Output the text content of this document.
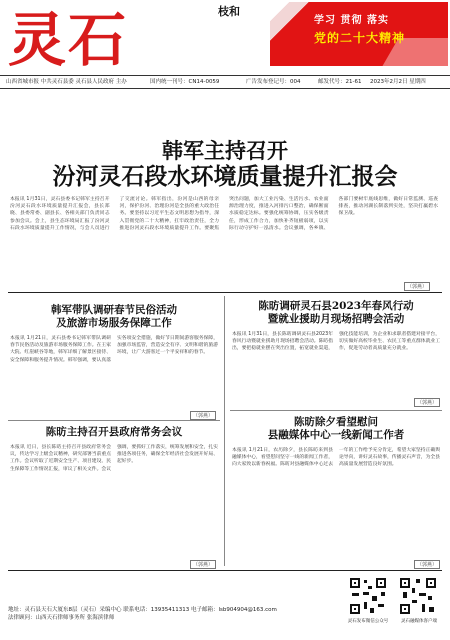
灵石	枝和
学习 贯彻 落实
党的二十大精神
山西省城市报 中共灵石县委 灵石县人民政府 主办	国内统一刊号：CN14-0059	广告发布登记号：004	邮发代号：21-61 2023年2月2日 星期四
韩军主持召开
汾河灵石段水环境质量提升汇报会
本报讯 1月31日，灵石县委书记韩军主持召开汾河灵石段水环境质量提升汇报会，县长郑晓、县委常委、副县长、各相关部门负责同志参加会议。会上，县生态环境局汇报了汾河灵石段水环境质量提升工作情况，与会人员进行了交流讨论。韩军指出，汾河是山西的母亲河，保护汾河、治理汾河是全县的重大政治任务。要坚持以习近平生态文明思想为指导，深入贯彻党的二十大精神，扛牢政治责任，全力推进汾河灵石段水环境质量提升工作。要聚焦突出问题，加大工业污染、生活污水、农业面源治理力度，推进入河排污口整治，确保断面水质稳定达标。要强化统筹协调，压实各级责任，形成工作合力，加快补齐短板弱项，以实际行动守护好一泓清水。会议强调，各乡镇、各部门要树牢底线思维，做好日常监测、巡查排查，推动河湖长制落到实处，坚决打赢碧水保卫战。
（郭燕）
韩军带队调研春节民俗活动
及旅游市场服务保障工作
本报讯 1月21日，灵石县委书记韩军带队调研春节民俗活动及旅游市场服务保障工作。在王家大院、红崖峡谷等地，韩军详细了解景区接待、安全保障和服务提升情况。韩军强调，要认真落实各项安全措施，做好节日期间游客服务保障，加强市场监管，营造安全有序、文明和谐的旅游环境，让广大游客过一个平安祥和的春节。
（郭燕）
陈昉调研灵石县2023年春风行动
暨就业援助月现场招聘会活动
本报讯 1月31日，县长陈昉调研灵石县2023年春风行动暨就业援助月现场招聘会活动。陈昉指出，要把稳就业摆在突出位置，拓宽就业渠道，强化技能培训，为企业和求职者搭建对接平台，切实做好高校毕业生、农民工等重点群体就业工作，促进劳动者高质量充分就业。
（郭燕）
陈昉主持召开县政府常务会议
本报讯 近日，县长陈昉主持召开县政府常务会议，传达学习上级会议精神，研究部署当前重点工作。会议听取了近期安全生产、项目建设、民生保障等工作情况汇报，审议了相关文件。会议强调，要抓好工作落实，统筹发展和安全，扎实推进各项任务，确保全年经济社会发展开好局、起好步。
（郭燕）
陈昉除夕看望慰问
县融媒体中心一线新闻工作者
本报讯 1月21日，农历除夕，县长陈昉来到县融媒体中心，看望慰问坚守一线的新闻工作者，向大家致以新春祝福。陈昉对县融媒体中心过去一年的工作给予充分肯定，希望大家坚持正确舆论导向，讲好灵石故事，传播灵石声音，为全县高质量发展营造良好氛围。
（郭燕）
地址：灵石县天石大厦东8层（灵石）采编中心 联系电话：13935411313 电子邮箱：lsb904904@163.com
法律顾问：山西天石律师事务所 张海滨律师
灵石发布微信公众号	灵石融媒体客户端
